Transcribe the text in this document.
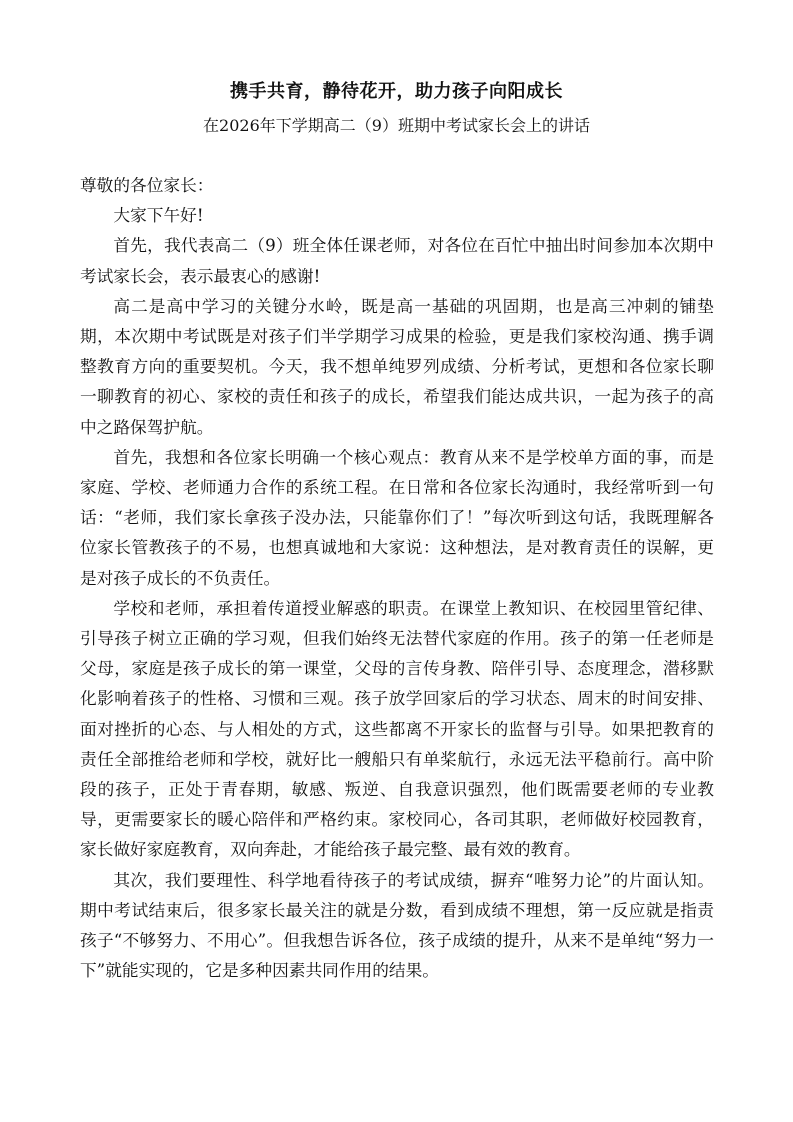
携手共育，静待花开，助力孩子向阳成长
在2026年下学期高二（9）班期中考试家长会上的讲话

尊敬的各位家长：

大家下午好!

首先，我代表高二（9）班全体任课老师，对各位在百忙中抽出时间参加本次期中考试家长会，表示最衷心的感谢!

高二是高中学习的关键分水岭，既是高一基础的巩固期，也是高三冲刺的铺垫期，本次期中考试既是对孩子们半学期学习成果的检验，更是我们家校沟通、携手调整教育方向的重要契机。今天，我不想单纯罗列成绩、分析考试，更想和各位家长聊一聊教育的初心、家校的责任和孩子的成长，希望我们能达成共识，一起为孩子的高中之路保驾护航。

首先，我想和各位家长明确一个核心观点：教育从来不是学校单方面的事，而是家庭、学校、老师通力合作的系统工程。在日常和各位家长沟通时，我经常听到一句话：“老师，我们家长拿孩子没办法，只能靠你们了！”每次听到这句话，我既理解各位家长管教孩子的不易，也想真诚地和大家说：这种想法，是对教育责任的误解，更是对孩子成长的不负责任。

学校和老师，承担着传道授业解惑的职责。在课堂上教知识、在校园里管纪律、引导孩子树立正确的学习观，但我们始终无法替代家庭的作用。孩子的第一任老师是父母，家庭是孩子成长的第一课堂，父母的言传身教、陪伴引导、态度理念，潜移默化影响着孩子的性格、习惯和三观。孩子放学回家后的学习状态、周末的时间安排、面对挫折的心态、与人相处的方式，这些都离不开家长的监督与引导。如果把教育的责任全部推给老师和学校，就好比一艘船只有单桨航行，永远无法平稳前行。高中阶段的孩子，正处于青春期，敏感、叛逆、自我意识强烈，他们既需要老师的专业教导，更需要家长的暖心陪伴和严格约束。家校同心，各司其职，老师做好校园教育，家长做好家庭教育，双向奔赴，才能给孩子最完整、最有效的教育。

其次，我们要理性、科学地看待孩子的考试成绩，摒弃“唯努力论”的片面认知。期中考试结束后，很多家长最关注的就是分数，看到成绩不理想，第一反应就是指责孩子“不够努力、不用心”。但我想告诉各位，孩子成绩的提升，从来不是单纯“努力一下”就能实现的，它是多种因素共同作用的结果。
